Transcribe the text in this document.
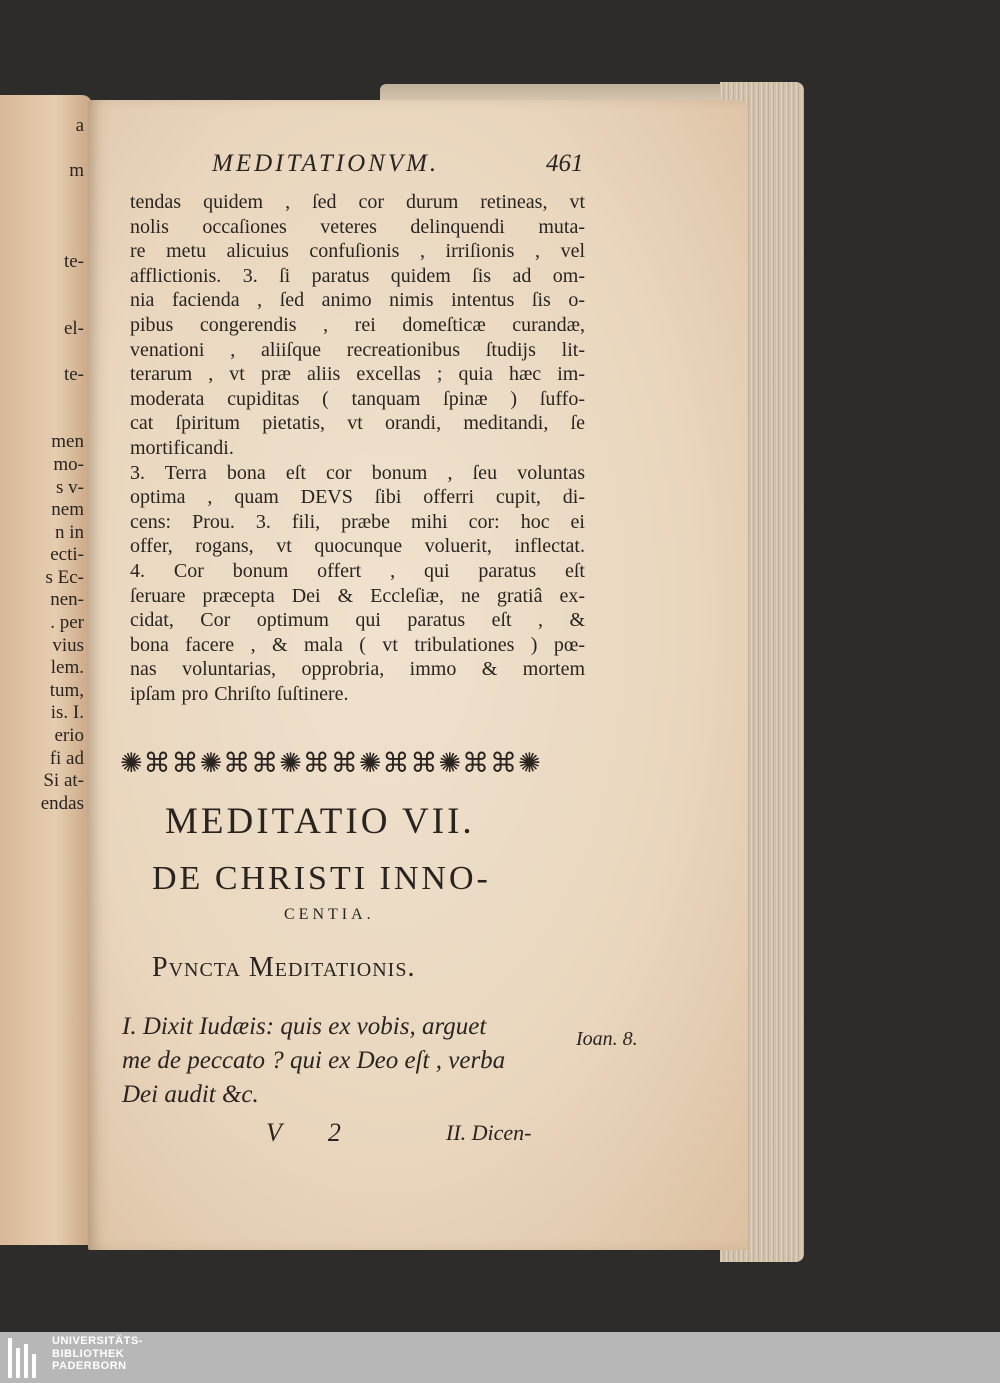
a
m
te-
el-
te-
men
mo-
s v-
nem
n in
ecti-
s Ec-
nen-
. per
vius
lem.
tum,
is. I.
erio
fi ad
Si at-
endas
MEDITATIONVM.	461
tendas quidem , ſed cor durum retineas, vt
nolis occaſiones veteres delinquendi muta-
re metu alicuius confuſionis , irriſionis , vel
afflictionis. 3. ſi paratus quidem ſis ad om-
nia facienda , ſed animo nimis intentus ſis o-
pibus congerendis , rei domeſticæ curandæ,
venationi , aliiſque recreationibus ſtudijs lit-
terarum , vt præ aliis excellas ; quia hæc im-
moderata cupiditas ( tanquam ſpinæ ) ſuffo-
cat ſpiritum pietatis, vt orandi, meditandi, ſe
mortificandi.
3. Terra bona eſt cor bonum , ſeu voluntas
optima , quam DEVS ſibi offerri cupit, di-
cens: Prou. 3. fili, præbe mihi cor: hoc ei
offer, rogans, vt quocunque voluerit, inflectat.
4. Cor bonum offert , qui paratus eſt
ſeruare præcepta Dei & Eccleſiæ, ne gratiâ ex-
cidat, Cor optimum qui paratus eſt , &
bona facere , & mala ( vt tribulationes ) pœ-
nas voluntarias, opprobria, immo & mortem
ipſam pro Chriſto ſuſtinere.
✺⌘⌘✺⌘⌘✺⌘⌘✺⌘⌘✺⌘⌘✺
MEDITATIO VII.
DE CHRISTI INNO-
CENTIA.
Pvncta Meditationis.
I. Dixit Iudæis: quis ex vobis, arguet
me de peccato ? qui ex Deo eſt , verba
Dei audit &c.
Ioan. 8.
V 2	II. Dicen-
UNIVERSITÄTS-
BIBLIOTHEK
PADERBORN
